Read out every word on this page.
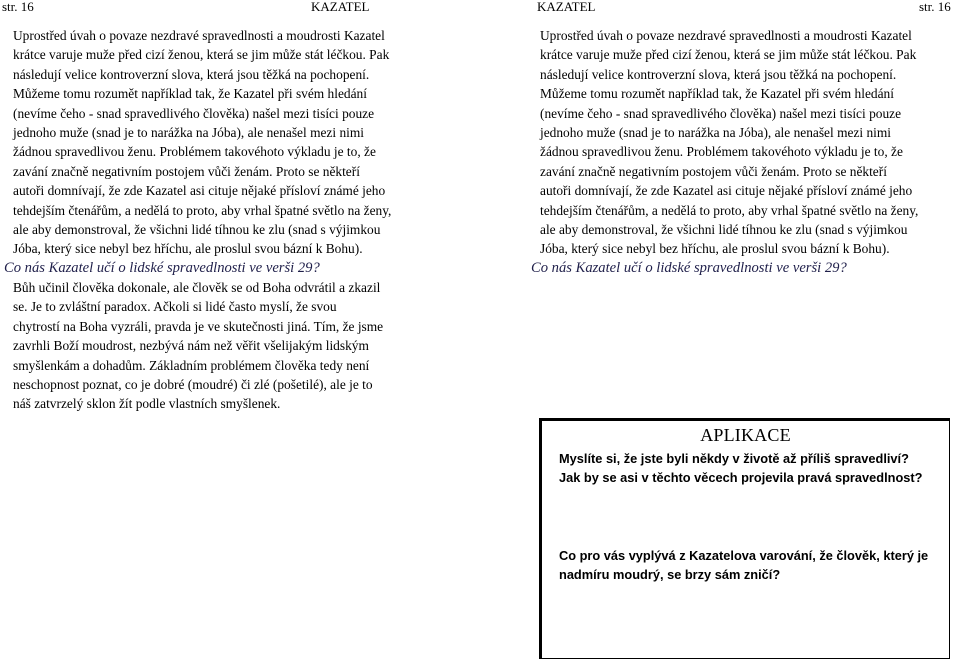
str. 16	KAZATEL
Uprostřed úvah o povaze nezdravé spravedlnosti a moudrosti Kazatel
krátce varuje muže před cizí ženou, která se jim může stát léčkou. Pak
následují velice kontroverzní slova, která jsou těžká na pochopení.
Můžeme tomu rozumět například tak, že Kazatel při svém hledání
(nevíme čeho - snad spravedlivého člověka) našel mezi tisíci pouze
jednoho muže (snad je to narážka na Jóba), ale nenašel mezi nimi
žádnou spravedlivou ženu. Problémem takovéhoto výkladu je to, že
zavání značně negativním postojem vůči ženám. Proto se někteří
autoři domnívají, že zde Kazatel asi cituje nějaké přísloví známé jeho
tehdejším čtenářům, a nedělá to proto, aby vrhal špatné světlo na ženy,
ale aby demonstroval, že všichni lidé tíhnou ke zlu (snad s výjimkou
Jóba, který sice nebyl bez hříchu, ale proslul svou bázní k Bohu).
Co nás Kazatel učí o lidské spravedlnosti ve verši 29?
Bůh učinil člověka dokonale, ale člověk se od Boha odvrátil a zkazil
se. Je to zvláštní paradox. Ačkoli si lidé často myslí, že svou
chytrostí na Boha vyzráli, pravda je ve skutečnosti jiná. Tím, že jsme
zavrhli Boží moudrost, nezbývá nám než věřit všelijakým lidským
smyšlenkám a dohadům. Základním problémem člověka tedy není
neschopnost poznat, co je dobré (moudré) či zlé (pošetilé), ale je to
náš zatvrzelý sklon žít podle vlastních smyšlenek.
KAZATEL	str. 16
Uprostřed úvah o povaze nezdravé spravedlnosti a moudrosti Kazatel
krátce varuje muže před cizí ženou, která se jim může stát léčkou. Pak
následují velice kontroverzní slova, která jsou těžká na pochopení.
Můžeme tomu rozumět například tak, že Kazatel při svém hledání
(nevíme čeho - snad spravedlivého člověka) našel mezi tisíci pouze
jednoho muže (snad je to narážka na Jóba), ale nenašel mezi nimi
žádnou spravedlivou ženu. Problémem takovéhoto výkladu je to, že
zavání značně negativním postojem vůči ženám. Proto se někteří
autoři domnívají, že zde Kazatel asi cituje nějaké přísloví známé jeho
tehdejším čtenářům, a nedělá to proto, aby vrhal špatné světlo na ženy,
ale aby demonstroval, že všichni lidé tíhnou ke zlu (snad s výjimkou
Jóba, který sice nebyl bez hříchu, ale proslul svou bázní k Bohu).
Co nás Kazatel učí o lidské spravedlnosti ve verši 29?
APLIKACE
Myslíte si, že jste byli někdy v životě až příliš spravedliví?
Jak by se asi v těchto věcech projevila pravá spravedlnost?
Co pro vás vyplývá z Kazatelova varování, že člověk, který je
nadmíru moudrý, se brzy sám zničí?
